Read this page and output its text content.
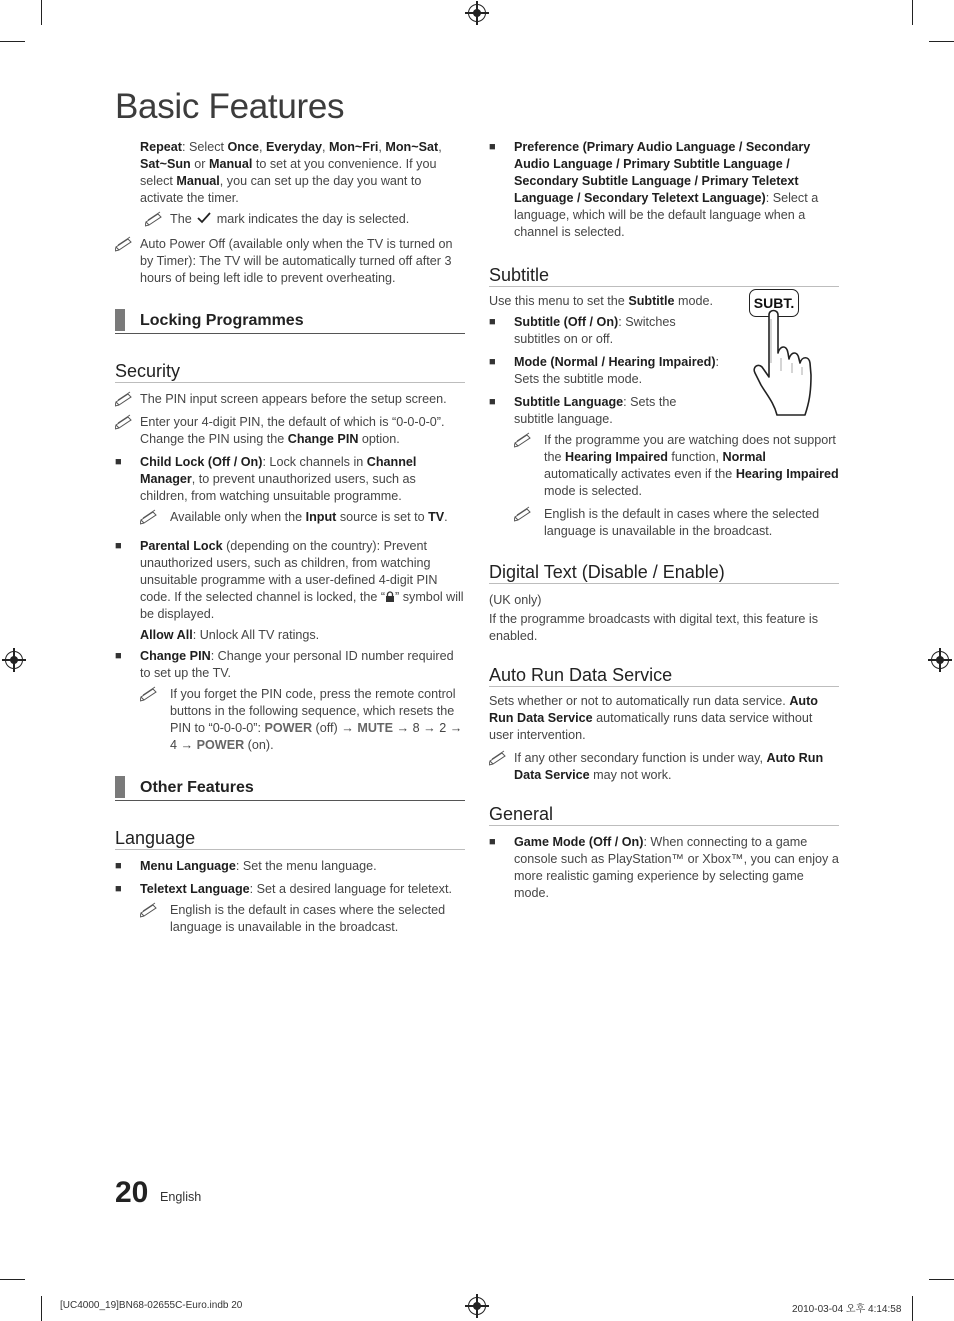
Basic Features

Repeat: Select Once, Everyday, Mon~Fri, Mon~Sat, Sat~Sun or Manual to set at you convenience. If you select Manual, you can set up the day you want to activate the timer.

The mark indicates the day is selected.
Auto Power Off (available only when the TV is turned on by Timer): The TV will be automatically turned off after 3 hours of being left idle to prevent overheating.
Locking Programmes
Security
The PIN input screen appears before the setup screen.
Enter your 4-digit PIN, the default of which is “0-0-0-0”. Change the PIN using the Change PIN option.
■ Child Lock (Off / On): Lock channels in Channel Manager, to prevent unauthorized users, such as children, from watching unsuitable programme.
Available only when the Input source is set to TV.
■ Parental Lock (depending on the country): Prevent unauthorized users, such as children, from watching unsuitable programme with a user-defined 4-digit PIN code. If the selected channel is locked, the “ ” symbol will be displayed.

Allow All: Unlock All TV ratings.

■ Change PIN: Change your personal ID number required to set up the TV.
If you forget the PIN code, press the remote control buttons in the following sequence, which resets the PIN to “0-0-0-0”: POWER (off) → MUTE → 8 → 2 → 4 → POWER (on).
Other Features
Language
■ Menu Language: Set the menu language.
■ Teletext Language: Set a desired language for teletext.
English is the default in cases where the selected language is unavailable in the broadcast.
■ Preference (Primary Audio Language / Secondary Audio Language / Primary Subtitle Language / Secondary Subtitle Language / Primary Teletext Language / Secondary Teletext Language): Select a language, which will be the default language when a channel is selected.
Subtitle

Use this menu to set the Subtitle mode.

■ Subtitle (Off / On): Switches subtitles on or off.
■ Mode (Normal / Hearing Impaired): Sets the subtitle mode.
■ Subtitle Language: Sets the subtitle language.
SUBT.
If the programme you are watching does not support the Hearing Impaired function, Normal automatically activates even if the Hearing Impaired mode is selected.
English is the default in cases where the selected language is unavailable in the broadcast.
Digital Text (Disable / Enable)

(UK only)

If the programme broadcasts with digital text, this feature is enabled.

Auto Run Data Service

Sets whether or not to automatically run data service. Auto Run Data Service automatically runs data service without user intervention.

If any other secondary function is under way, Auto Run Data Service may not work.
General
■ Game Mode (Off / On): When connecting to a game console such as PlayStation™ or Xbox™, you can enjoy a more realistic gaming experience by selecting game mode.
20 English
[UC4000_19]BN68-02655C-Euro.indb 20	2010-03-04 오후 4:14:58
